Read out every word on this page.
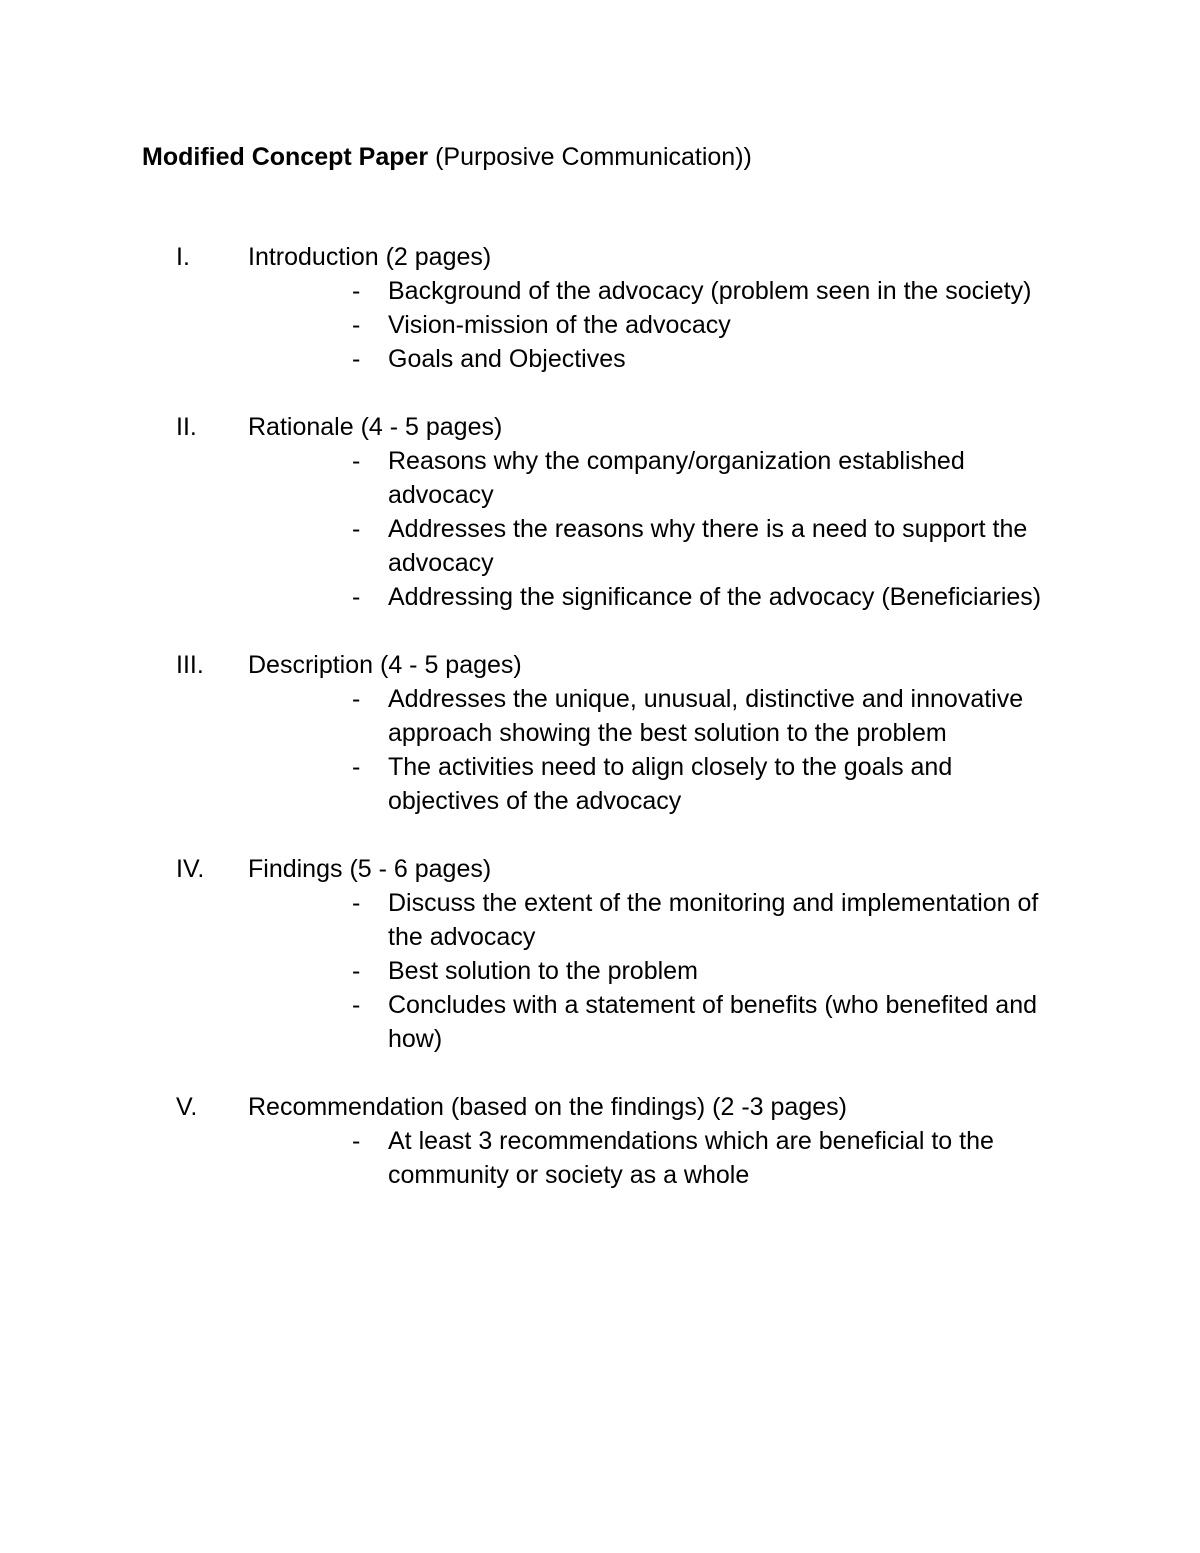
Modified Concept Paper (Purposive Communication))
I. Introduction (2 pages)
- Background of the advocacy (problem seen in the society)
- Vision-mission of the advocacy
- Goals and Objectives
II. Rationale (4 - 5 pages)
- Reasons why the company/organization established advocacy
- Addresses the reasons why there is a need to support the advocacy
- Addressing the significance of the advocacy (Beneficiaries)
III. Description (4 - 5 pages)
- Addresses the unique, unusual, distinctive and innovative approach showing the best solution to the problem
- The activities need to align closely to the goals and objectives of the advocacy
IV. Findings (5 - 6 pages)
- Discuss the extent of the monitoring and implementation of the advocacy
- Best solution to the problem
- Concludes with a statement of benefits (who benefited and how)
V. Recommendation (based on the findings) (2 -3 pages)
- At least 3 recommendations which are beneficial to the community or society as a whole
